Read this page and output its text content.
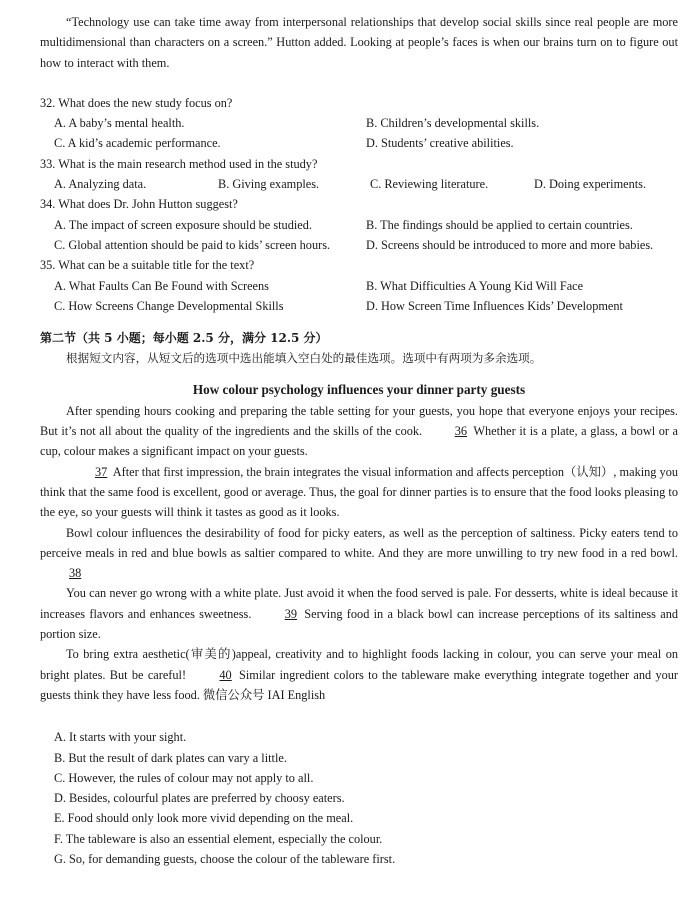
“Technology use can take time away from interpersonal relationships that develop social skills since real people are more multidimensional than characters on a screen.” Hutton added. Looking at people’s faces is when our brains turn on to figure out how to interact with them.

32. What does the new study focus on?
A. A baby’s mental health.	B. Children’s developmental skills.
C. A kid’s academic performance.	D. Students’ creative abilities.
33. What is the main research method used in the study?
A. Analyzing data.	B. Giving examples.	C. Reviewing literature.	D. Doing experiments.
34. What does Dr. John Hutton suggest?
A. The impact of screen exposure should be studied.	B. The findings should be applied to certain countries.
C. Global attention should be paid to kids’ screen hours.	D. Screens should be introduced to more and more babies.
35. What can be a suitable title for the text?
A. What Faults Can Be Found with Screens	B. What Difficulties A Young Kid Will Face
C. How Screens Change Developmental Skills	D. How Screen Time Influences Kids’ Development
第二节（共 5 小题；每小题 2.5 分，满分 12.5 分）
根据短文内容，从短文后的选项中选出能填入空白处的最佳选项。选项中有两项为多余选项。
How colour psychology influences your dinner party guests

After spending hours cooking and preparing the table setting for your guests, you hope that everyone enjoys your recipes. But it’s not all about the quality of the ingredients and the skills of the cook.	36 Whether it is a plate, a glass, a bowl or a cup, colour makes a significant impact on your guests.

37 After that first impression, the brain integrates the visual information and affects perception（认知）, making you think that the same food is excellent, good or average. Thus, the goal for dinner parties is to ensure that the food looks pleasing to the eye, so your guests will think it tastes as good as it looks.

Bowl colour influences the desirability of food for picky eaters, as well as the perception of saltiness. Picky eaters tend to perceive meals in red and blue bowls as saltier compared to white. And they are more unwilling to try new food in a red bowl. 38

You can never go wrong with a white plate. Just avoid it when the food served is pale. For desserts, white is ideal because it increases flavors and enhances sweetness.	39 Serving food in a black bowl can increase perceptions of its saltiness and portion size.

To bring extra aesthetic(审美的)appeal, creativity and to highlight foods lacking in colour, you can serve your meal on bright plates. But be careful!	40 Similar ingredient colors to the tableware make everything integrate together and your guests think they have less food. 微信公众号 IAI English

A. It starts with your sight.
B. But the result of dark plates can vary a little.
C. However, the rules of colour may not apply to all.
D. Besides, colourful plates are preferred by choosy eaters.
E. Food should only look more vivid depending on the meal.
F. The tableware is also an essential element, especially the colour.
G. So, for demanding guests, choose the colour of the tableware first.
